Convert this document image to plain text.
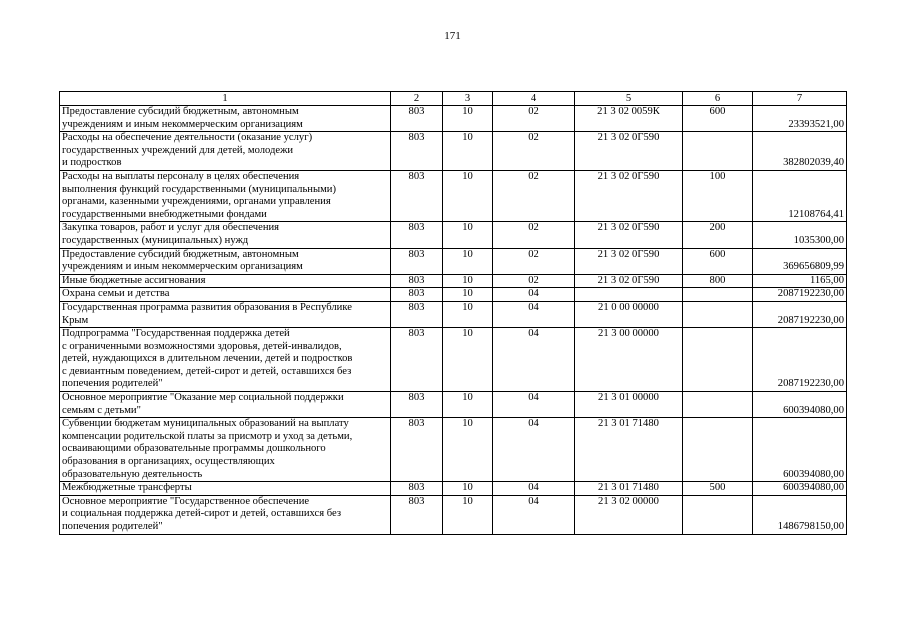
171
1	2	3	4	5	6	7

Предоставление субсидий бюджетным, автономным
учреждениям и иным некоммерческим организациям	803	10	02	21 3 02 0059К	600	23393521,00

Расходы на обеспечение деятельности (оказание услуг)
государственных учреждений для детей, молодежи
и подростков	803	10	02	21 3 02 0Г590		382802039,40

Расходы на выплаты персоналу в целях обеспечения
выполнения функций государственными (муниципальными)
органами, казенными учреждениями, органами управления
государственными внебюджетными фондами	803	10	02	21 3 02 0Г590	100	12108764,41

Закупка товаров, работ и услуг для обеспечения
государственных (муниципальных) нужд	803	10	02	21 3 02 0Г590	200	1035300,00

Предоставление субсидий бюджетным, автономным
учреждениям и иным некоммерческим организациям	803	10	02	21 3 02 0Г590	600	369656809,99

Иные бюджетные ассигнования	803	10	02	21 3 02 0Г590	800	1165,00

Охрана семьи и детства	803	10	04			2087192230,00

Государственная программа развития образования в Республике
Крым	803	10	04	21 0 00 00000		2087192230,00

Подпрограмма "Государственная поддержка детей
с ограниченными возможностями здоровья, детей-инвалидов,
детей, нуждающихся в длительном лечении, детей и подростков
с девиантным поведением, детей-сирот и детей, оставшихся без
попечения родителей"	803	10	04	21 3 00 00000		2087192230,00

Основное мероприятие "Оказание мер социальной поддержки
семьям с детьми"	803	10	04	21 3 01 00000		600394080,00

Субвенции бюджетам муниципальных образований на выплату
компенсации родительской платы за присмотр и уход за детьми,
осваивающими образовательные программы дошкольного
образования в организациях, осуществляющих
образовательную деятельность	803	10	04	21 3 01 71480		600394080,00

Межбюджетные трансферты	803	10	04	21 3 01 71480	500	600394080,00

Основное мероприятие "Государственное обеспечение
и социальная поддержка детей-сирот и детей, оставшихся без
попечения родителей"	803	10	04	21 3 02 00000		1486798150,00
